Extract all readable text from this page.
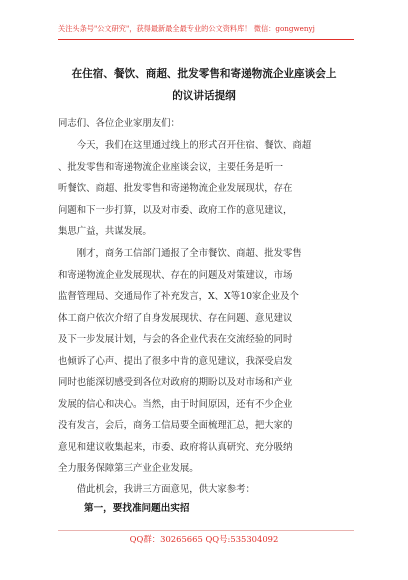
关注头条号"公文研究"，获得最新最全最专业的公文资料库！ 微信：gongwenyj
在住宿、餐饮、商超、批发零售和寄递物流企业座谈会上
的议讲话提纲
同志们、各位企业家朋友们：
今天，我们在这里通过线上的形式召开住宿、餐饮、商超
、批发零售和寄递物流企业座谈会议，主要任务是听一
听餐饮、商超、批发零售和寄递物流企业发展现状，存在
问题和下一步打算，以及对市委、政府工作的意见建议，
集思广益，共谋发展。
刚才，商务工信部门通报了全市餐饮、商超、批发零售
和寄递物流企业发展现状、存在的问题及对策建议，市场
监督管理局、交通局作了补充发言，X、X等10家企业及个
体工商户依次介绍了自身发展现状、存在问题、意见建议
及下一步发展计划，与会的各企业代表在交流经验的同时
也倾诉了心声、提出了很多中肯的意见建议，我深受启发
同时也能深切感受到各位对政府的期盼以及对市场和产业
发展的信心和决心。当然，由于时间原因，还有不少企业
没有发言，会后，商务工信局要全面梳理汇总，把大家的
意见和建议收集起来，市委、政府将认真研究、充分吸纳
全力服务保障第三产业企业发展。
借此机会，我讲三方面意见，供大家参考：
第一，要找准问题出实招
QQ群：30265665 QQ号:535304092
